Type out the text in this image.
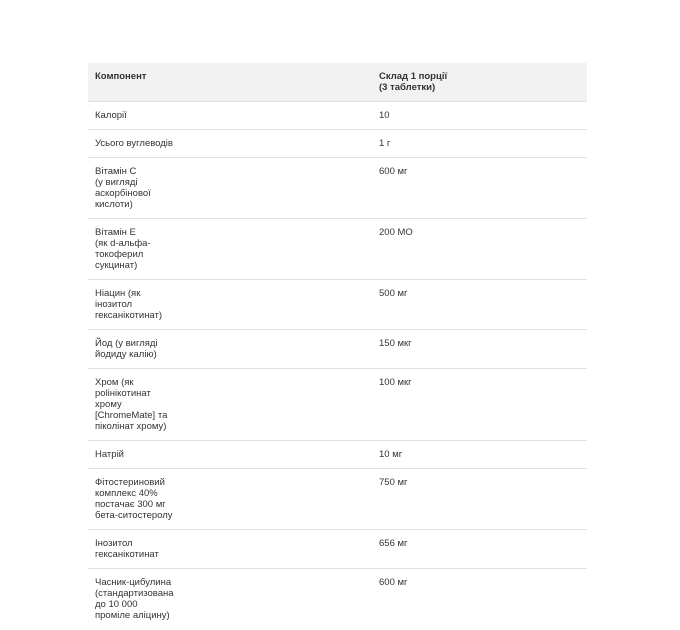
Компонент	Склад 1 порції
(3 таблетки)

Калорії	10

Усього вуглеводів	1 г

Вітамін С
(у вигляді
аскорбінової
кислоти)	600 мг

Вітамін Е
(як d-альфа-
токоферил
сукцинат)	200 МО

Ніацин (як
інозитол
гексанікотинат)	500 мг

Йод (у вигляді
йодиду калію)	150 мкг

Хром (як
polінікотинат
хрому
[ChromeMate] та
піколінат хрому)	100 мкг

Натрій	10 мг

Фітостериновий
комплекс 40%
постачає 300 мг
бета-ситостеролу	750 мг

Інозитол
гексанікотинат	656 мг

Часник-цибулина
(стандартизована
до 10 000
проміле аліцину)	600 мг
